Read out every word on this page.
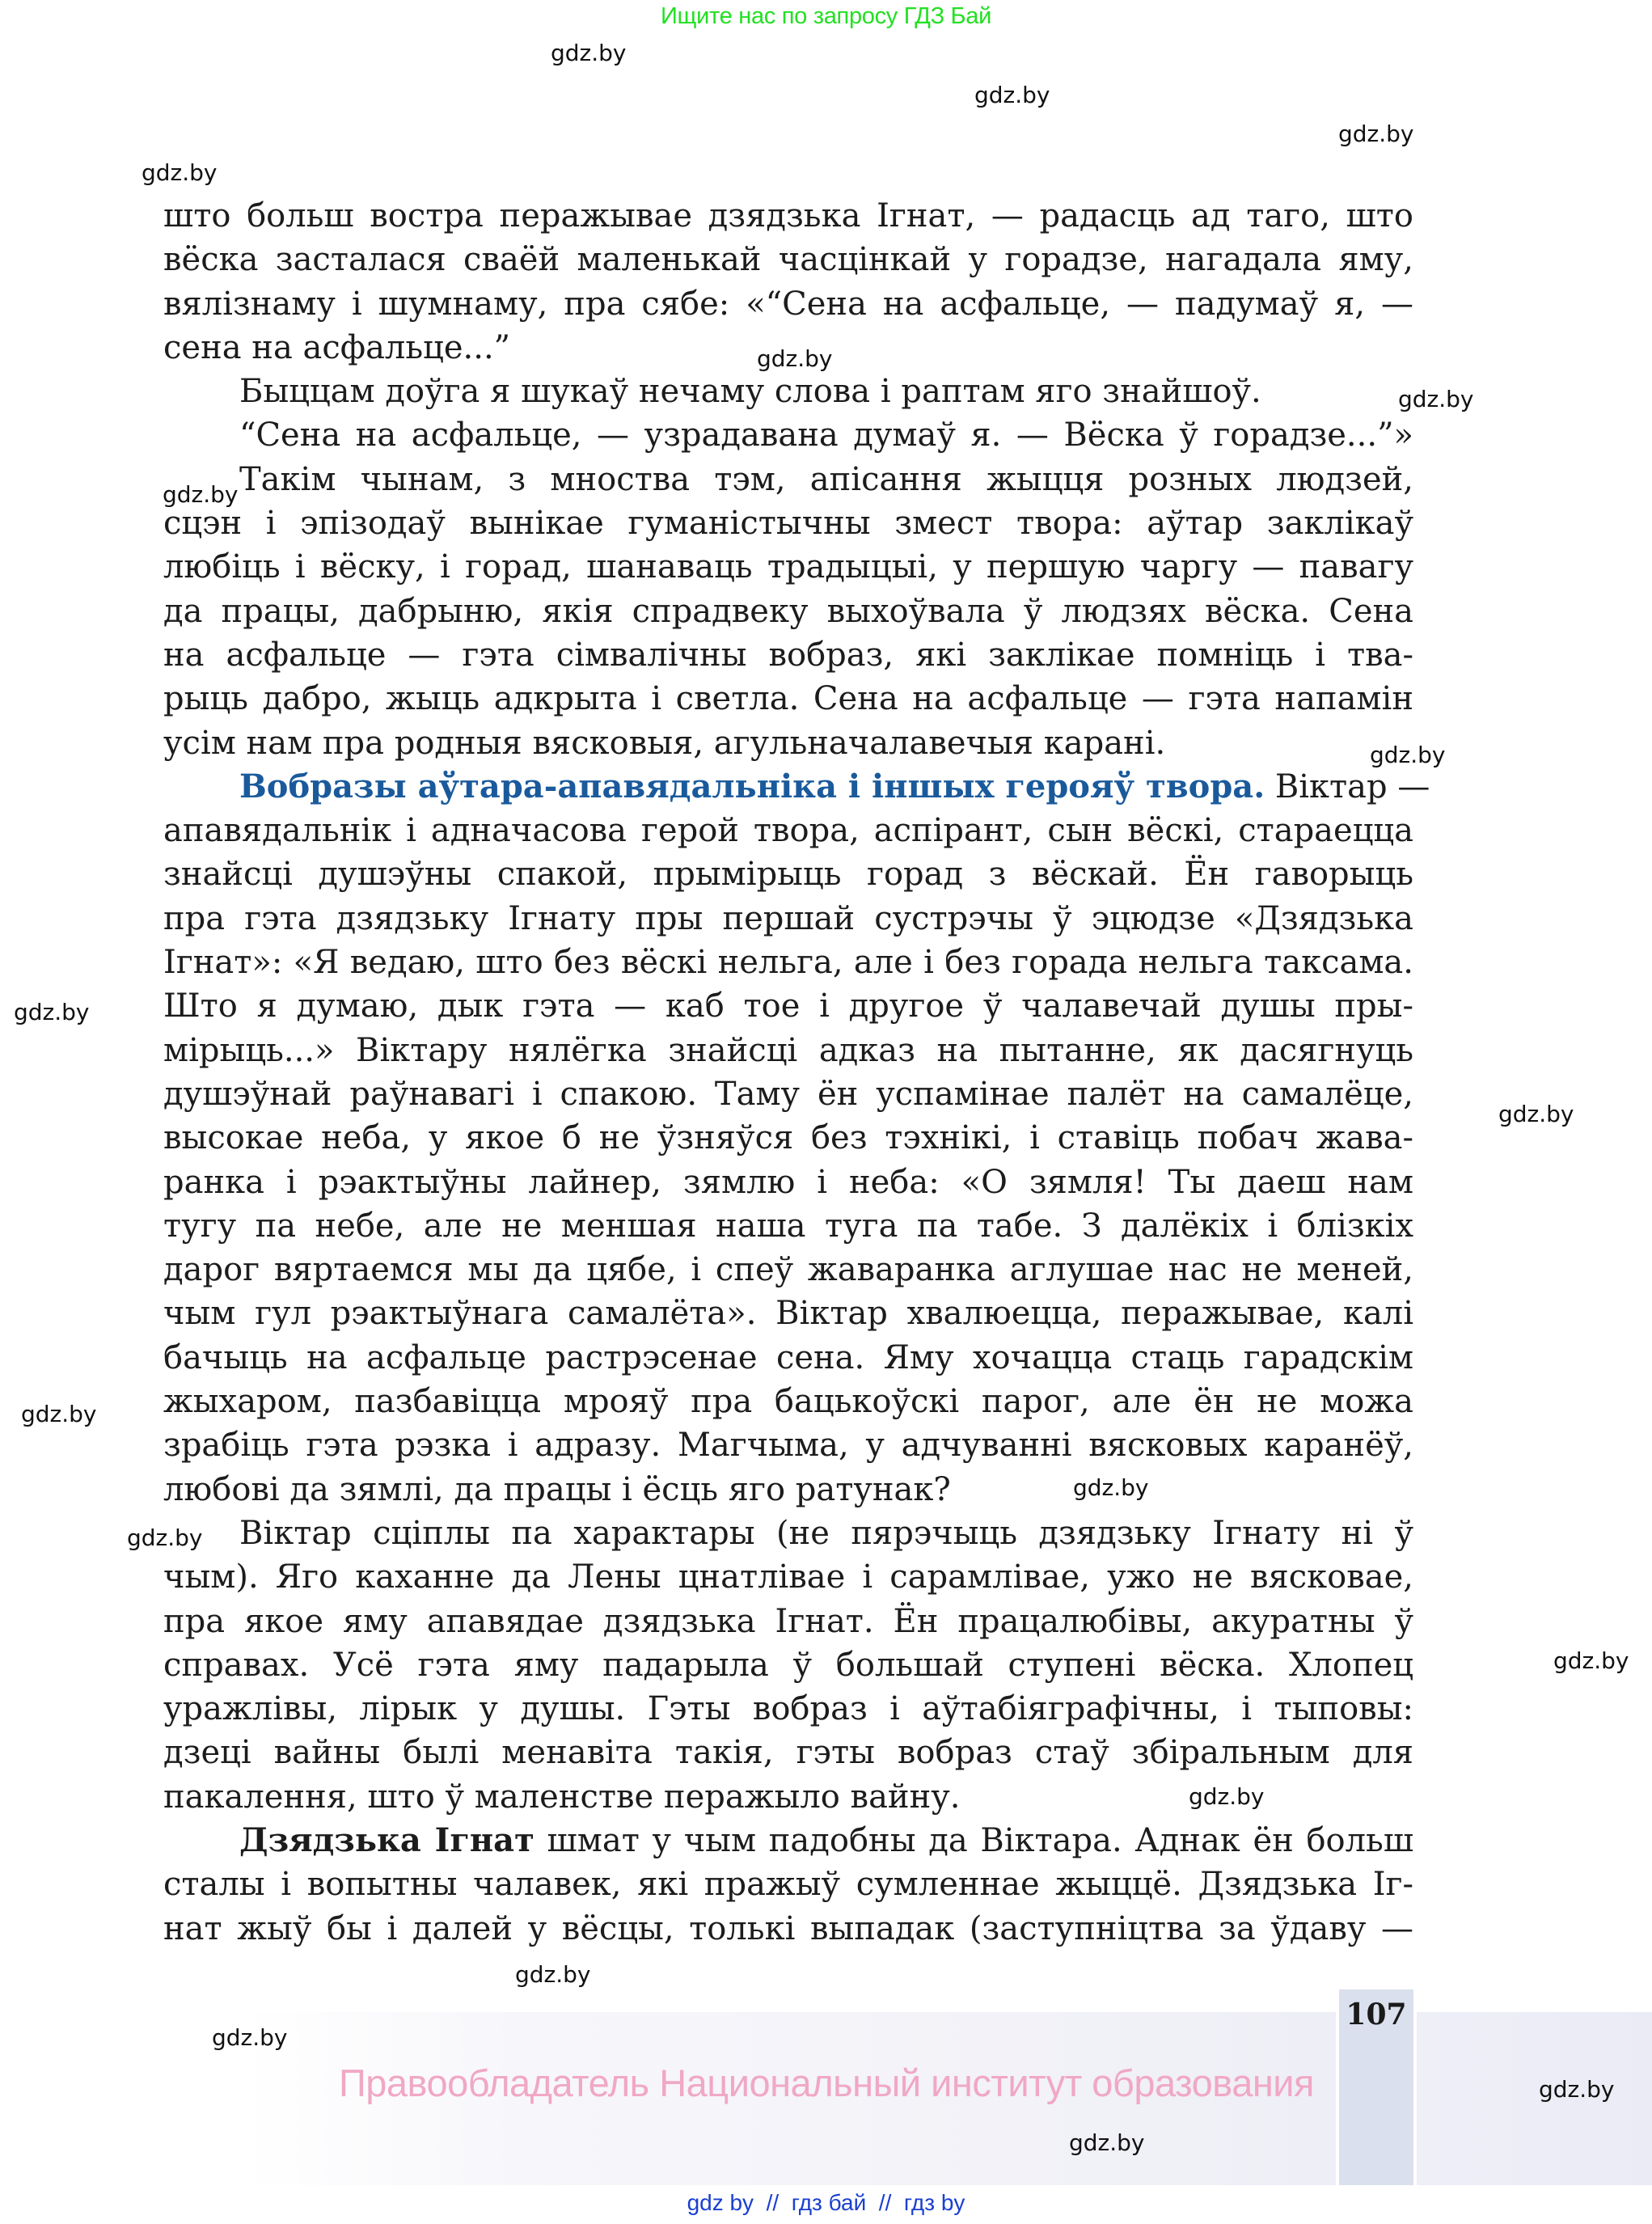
Ищите нас по запросу ГДЗ Бай
gdz.by
gdz.by
gdz.by
gdz.by
gdz.by
gdz.by
gdz.by
gdz.by
gdz.by
gdz.by
gdz.by
gdz.by
gdz.by
gdz.by
gdz.by
gdz.by
gdz.by
gdz.by
gdz.by
што больш востра перажывае дзядзька Ігнат, — радасць ад таго, што
вёска засталася сваёй маленькай часцінкай у горадзе, нагадала яму,
вялізнаму і шумнаму, пра сябе: «“Сена на асфальце, — падумаў я, —
сена на асфальце...”
Быццам доўга я шукаў нечаму слова і раптам яго знайшоў.
“Сена на асфальце, — узрадавана думаў я. — Вёска ў горадзе...”»
Такім чынам, з мноства тэм, апісання жыцця розных людзей,
сцэн і эпізодаў вынікае гуманістычны змест твора: аўтар заклікаў
любіць і вёску, і горад, шанаваць традыцыі, у першую чаргу — павагу
да працы, дабрыню, якія спрадвеку выхоўвала ў людзях вёска. Сена
на асфальце — гэта сімвалічны вобраз, які заклікае помніць і тва-
рыць дабро, жыць адкрыта і светла. Сена на асфальце — гэта напамін
усім нам пра родныя вясковыя, агульначалавечыя карані.
Вобразы аўтара-апавядальніка і іншых герояў твора. Віктар —
апавядальнік і адначасова герой твора, аспірант, сын вёскі, стараецца
знайсці душэўны спакой, прымірыць горад з вёскай. Ён гаворыць
пра гэта дзядзьку Ігнату пры першай сустрэчы ў эцюдзе «Дзядзька
Ігнат»: «Я ведаю, што без вёскі нельга, але і без горада нельга таксама.
Што я думаю, дык гэта — каб тое і другое ў чалавечай душы пры-
мірыць...» Віктару нялёгка знайсці адказ на пытанне, як дасягнуць
душэўнай раўнавагі і спакою. Таму ён успамінае палёт на самалёце,
высокае неба, у якое б не ўзняўся без тэхнікі, і ставіць побач жава-
ранка і рэактыўны лайнер, зямлю і неба: «О зямля! Ты даеш нам
тугу па небе, але не меншая наша туга па табе. З далёкіх і блізкіх
дарог вяртаемся мы да цябе, і спеў жаваранка аглушае нас не меней,
чым гул рэактыўнага самалёта». Віктар хвалюецца, перажывае, калі
бачыць на асфальце растрэсенае сена. Яму хочацца стаць гарадскім
жыхаром, пазбавіцца мрояў пра бацькоўскі парог, але ён не можа
зрабіць гэта рэзка і адразу. Магчыма, у адчуванні вясковых каранёў,
любові да зямлі, да працы і ёсць яго ратунак?
Віктар сціплы па характары (не пярэчыць дзядзьку Ігнату ні ў
чым). Яго каханне да Лены цнатлівае і сарамлівае, ужо не вясковае,
пра якое яму апавядае дзядзька Ігнат. Ён працалюбівы, акуратны ў
справах. Усё гэта яму падарыла ў большай ступені вёска. Хлопец
уражлівы, лірык у душы. Гэты вобраз і аўтабіяграфічны, і тыповы:
дзеці вайны былі менавіта такія, гэты вобраз стаў збіральным для
пакалення, што ў маленстве перажыло вайну.
Дзядзька Ігнат шмат у чым падобны да Віктара. Аднак ён больш
сталы і вопытны чалавек, які пражыў сумленнае жыццё. Дзядзька Іг-
нат жыў бы і далей у вёсцы, толькі выпадак (заступніцтва за ўдаву —
107
Правообладатель Национальный институт образования
gdz by  //  гдз бай  //  гдз by
